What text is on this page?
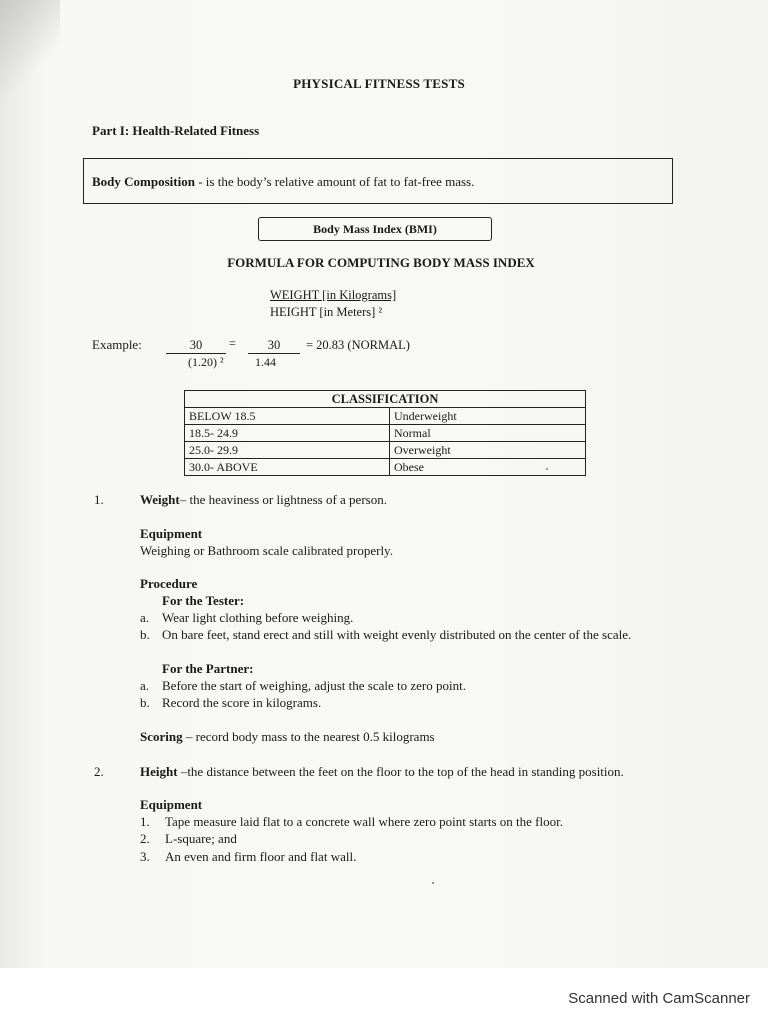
PHYSICAL FITNESS TESTS
Part I: Health-Related Fitness
Body Composition - is the body’s relative amount of fat to fat-free mass.
Body Mass Index (BMI)
FORMULA FOR COMPUTING BODY MASS INDEX
WEIGHT [in Kilograms]
HEIGHT [in Meters] ²
Example:	30	=	30	= 20.83 (NORMAL)
(1.20) ²	1.44
CLASSIFICATION	
BELOW 18.5	Underweight
18.5- 24.9	Normal
25.0- 29.9	Overweight
30.0- ABOVE	Obese
1.	Weight– the heaviness or lightness of a person.
Equipment
Weighing or Bathroom scale calibrated properly.
Procedure
For the Tester:
a. Wear light clothing before weighing.
b. On bare feet, stand erect and still with weight evenly distributed on the center of the scale.
For the Partner:
a. Before the start of weighing, adjust the scale to zero point.
b. Record the score in kilograms.
Scoring – record body mass to the nearest 0.5 kilograms
2.	Height –the distance between the feet on the floor to the top of the head in standing position.
Equipment
1. Tape measure laid flat to a concrete wall where zero point starts on the floor.
2. L-square; and
3. An even and firm floor and flat wall.
Scanned with CamScanner
